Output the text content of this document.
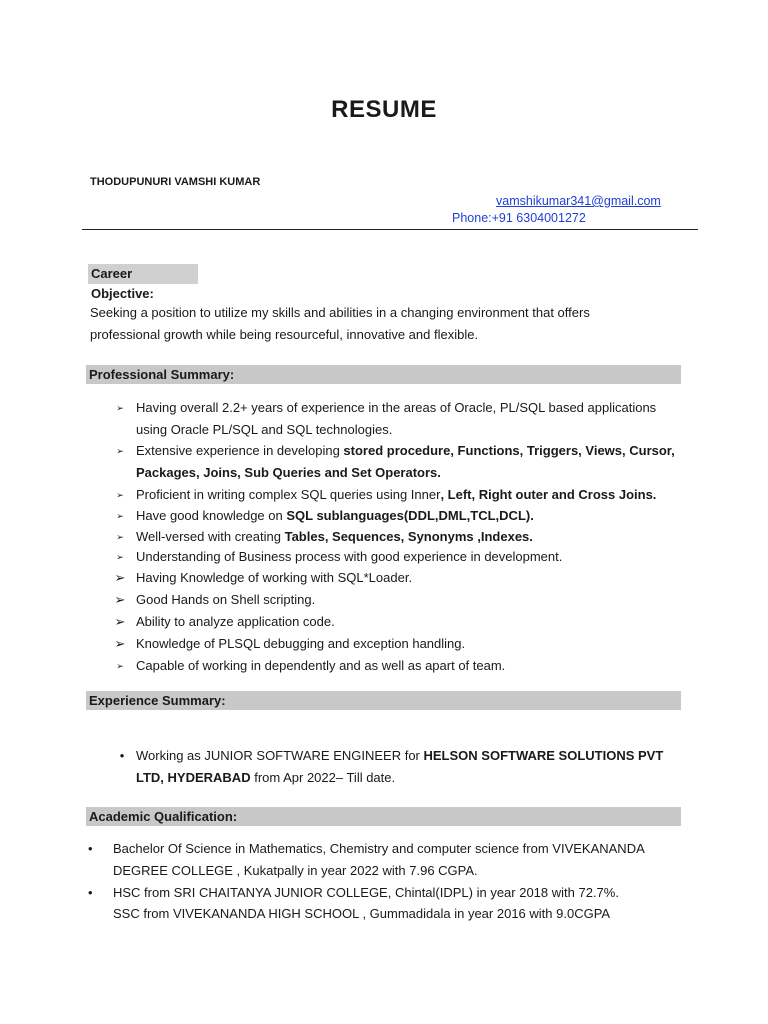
RESUME
THODUPUNURI VAMSHI KUMAR
vamshikumar341@gmail.com
Phone:+91 6304001272
Career Objective:
Seeking a position to utilize my skills and abilities in a changing environment that offers professional growth while being resourceful, innovative and flexible.
Professional Summary:
➢ Having overall 2.2+ years of experience in the areas of Oracle, PL/SQL based applications using Oracle PL/SQL and SQL technologies.
➢ Extensive experience in developing stored procedure, Functions, Triggers, Views, Cursor, Packages, Joins, Sub Queries and Set Operators.
➢ Proficient in writing complex SQL queries using Inner, Left, Right outer and Cross Joins.
➢ Have good knowledge on SQL sublanguages(DDL,DML,TCL,DCL).
➢ Well-versed with creating Tables, Sequences, Synonyms ,Indexes.
➢ Understanding of Business process with good experience in development.
➢ Having Knowledge of working with SQL*Loader.
➢ Good Hands on Shell scripting.
➢ Ability to analyze application code.
➢ Knowledge of PLSQL debugging and exception handling.
➢ Capable of working in dependently and as well as apart of team.
Experience Summary:
• Working as JUNIOR SOFTWARE ENGINEER for HELSON SOFTWARE SOLUTIONS PVT LTD, HYDERABAD from Apr 2022– Till date.
Academic Qualification:
• Bachelor Of Science in Mathematics, Chemistry and computer science from VIVEKANANDA DEGREE COLLEGE , Kukatpally in year 2022 with 7.96 CGPA.
• HSC from SRI CHAITANYA JUNIOR COLLEGE, Chintal(IDPL) in year 2018 with 72.7%.
SSC from VIVEKANANDA HIGH SCHOOL , Gummadidala in year 2016 with 9.0CGPA
